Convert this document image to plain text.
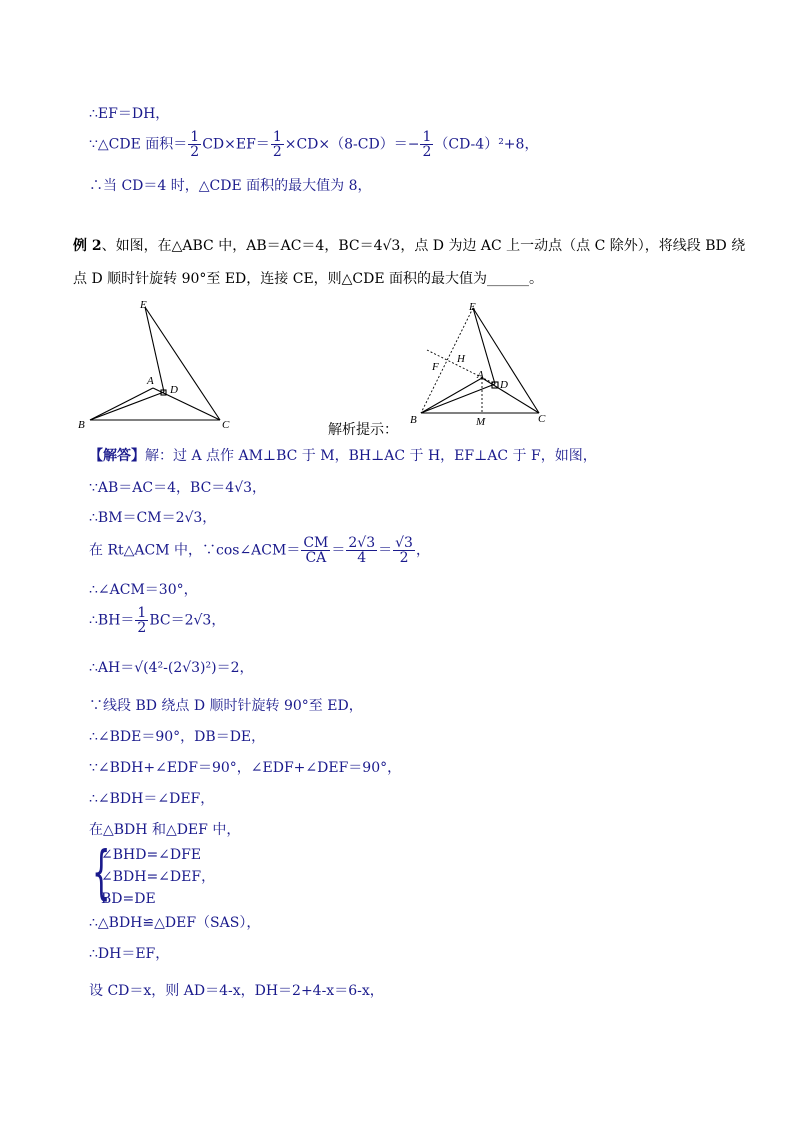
∴EF＝DH，
∵△CDE 面积＝ $\frac{1}{2} CD\times EF= \frac{1}{2} \times CD\times(8-CD)=- \frac{1}{2} (CD-4)^2+8$，
∴当 CD＝4 时，△CDE 面积的最大值为 8，
例 2、如图，在△ABC 中，AB＝AC＝4，BC＝4√3，点 D 为边 AC 上一动点（点 C 除外），将线段 BD 绕
点 D 顺时针旋转 90°至 ED，连接 CE，则△CDE 面积的最大值为______。
E
A
D
B	C
E
H
F
A
D
B	M	C
解析提示：
【解答】解：过 A 点作 AM⊥BC 于 M，BH⊥AC 于 H，EF⊥AC 于 F，如图，
∵AB＝AC＝4，BC＝4√3，
∴BM＝CM＝2√3，
在 Rt△ACM 中，∵cos∠ACM＝ $\frac{CM}{CA} = \frac{2√3}{4} = \frac{√3}{2}$ ，
∴∠ACM＝30°，
∴BH＝ $\frac{1}{2} BC=2√3$，
∴AH＝√(4²-(2√3)²)＝2，
∵线段 BD 绕点 D 顺时针旋转 90°至 ED，
∴∠BDE＝90°，DB＝DE，
∵∠BDH+∠EDF＝90°，∠EDF+∠DEF＝90°，
∴∠BDH＝∠DEF，
在△BDH 和△DEF 中，
{
∠BHD=∠DFE
∠BDH=∠DEF，
BD=DE
∴△BDH≌△DEF（SAS），
∴DH＝EF，
设 CD＝x，则 AD＝4-x，DH＝2+4-x＝6-x，
